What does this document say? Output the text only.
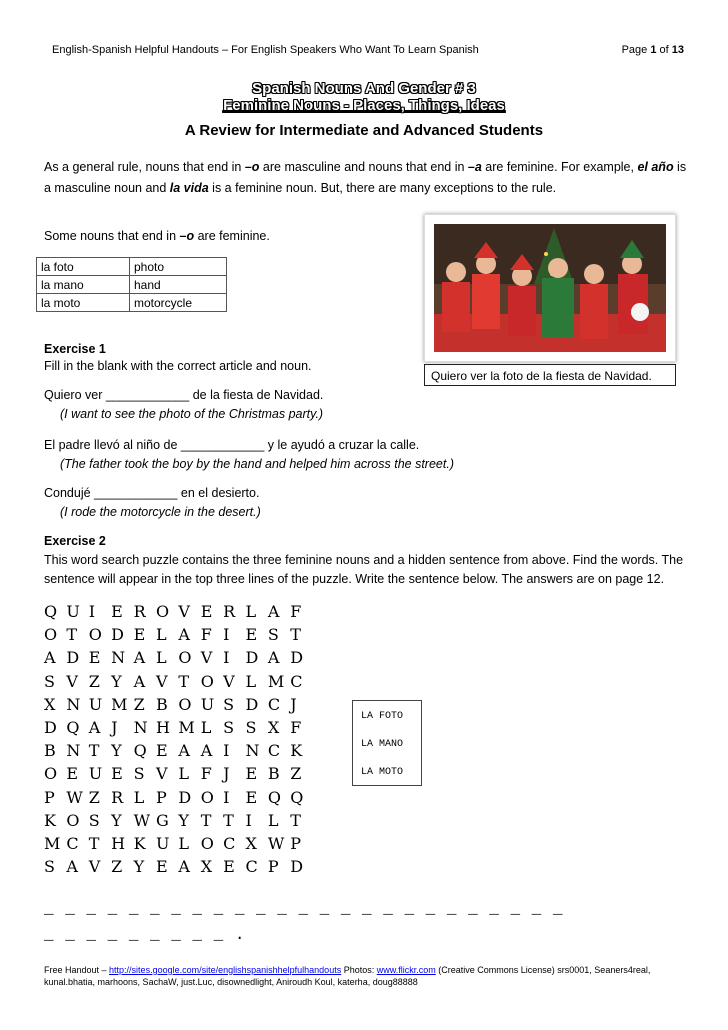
English-Spanish Helpful Handouts – For English Speakers Who Want To Learn Spanish	Page 1 of 13
Spanish Nouns And Gender # 3
Feminine Nouns - Places, Things, Ideas
A Review for Intermediate and Advanced Students
As a general rule, nouns that end in –o are masculine and nouns that end in –a are feminine. For example, el año is a masculine noun and la vida is a feminine noun. But, there are many exceptions to the rule.
Some nouns that end in –o are feminine.
la foto	photo
la mano	hand
la moto	motorcycle
Quiero ver la foto de la fiesta de Navidad.
Exercise 1
Fill in the blank with the correct article and noun.
Quiero ver ____________ de la fiesta de Navidad.
(I want to see the photo of the Christmas party.)
El padre llevó al niño de ____________ y le ayudó a cruzar la calle.
(The father took the boy by the hand and helped him across the street.)
Condujé ____________ en el desierto.
(I rode the motorcycle in the desert.)
Exercise 2
This word search puzzle contains the three feminine nouns and a hidden sentence from above. Find the words. The sentence will appear in the top three lines of the puzzle. Write the sentence below. The answers are on page 12.
Q U I E R O V E R L A F
O T O D E L A F I E S T
A D E N A L O V I D A D
S V Z Y A V T O V L M C
X N U M Z B O U S D C J
D Q A J N H M L S S X F
B N T Y Q E A A I N C K
O E U E S V L F J E B Z
P W Z R L P D O I E Q Q
K O S Y W G Y T T I L T
M C T H K U L O C X W P
S A V Z Y E A X E C P D
LA FOTO
LA MANO
LA MOTO
_ _ _ _ _ _ _ _ _ _ _ _ _ _ _ _ _ _ _ _ _ _ _ _ _
_ _ _ _ _ _ _ _ _ .
Free Handout – http://sites.google.com/site/englishspanishhelpfulhandouts Photos: www.flickr.com (Creative Commons License) srs0001, Seaners4real, kunal.bhatia, marhoons, SachaW, just.Luc, disownedlight, Aniroudh Koul, katerha, doug88888
